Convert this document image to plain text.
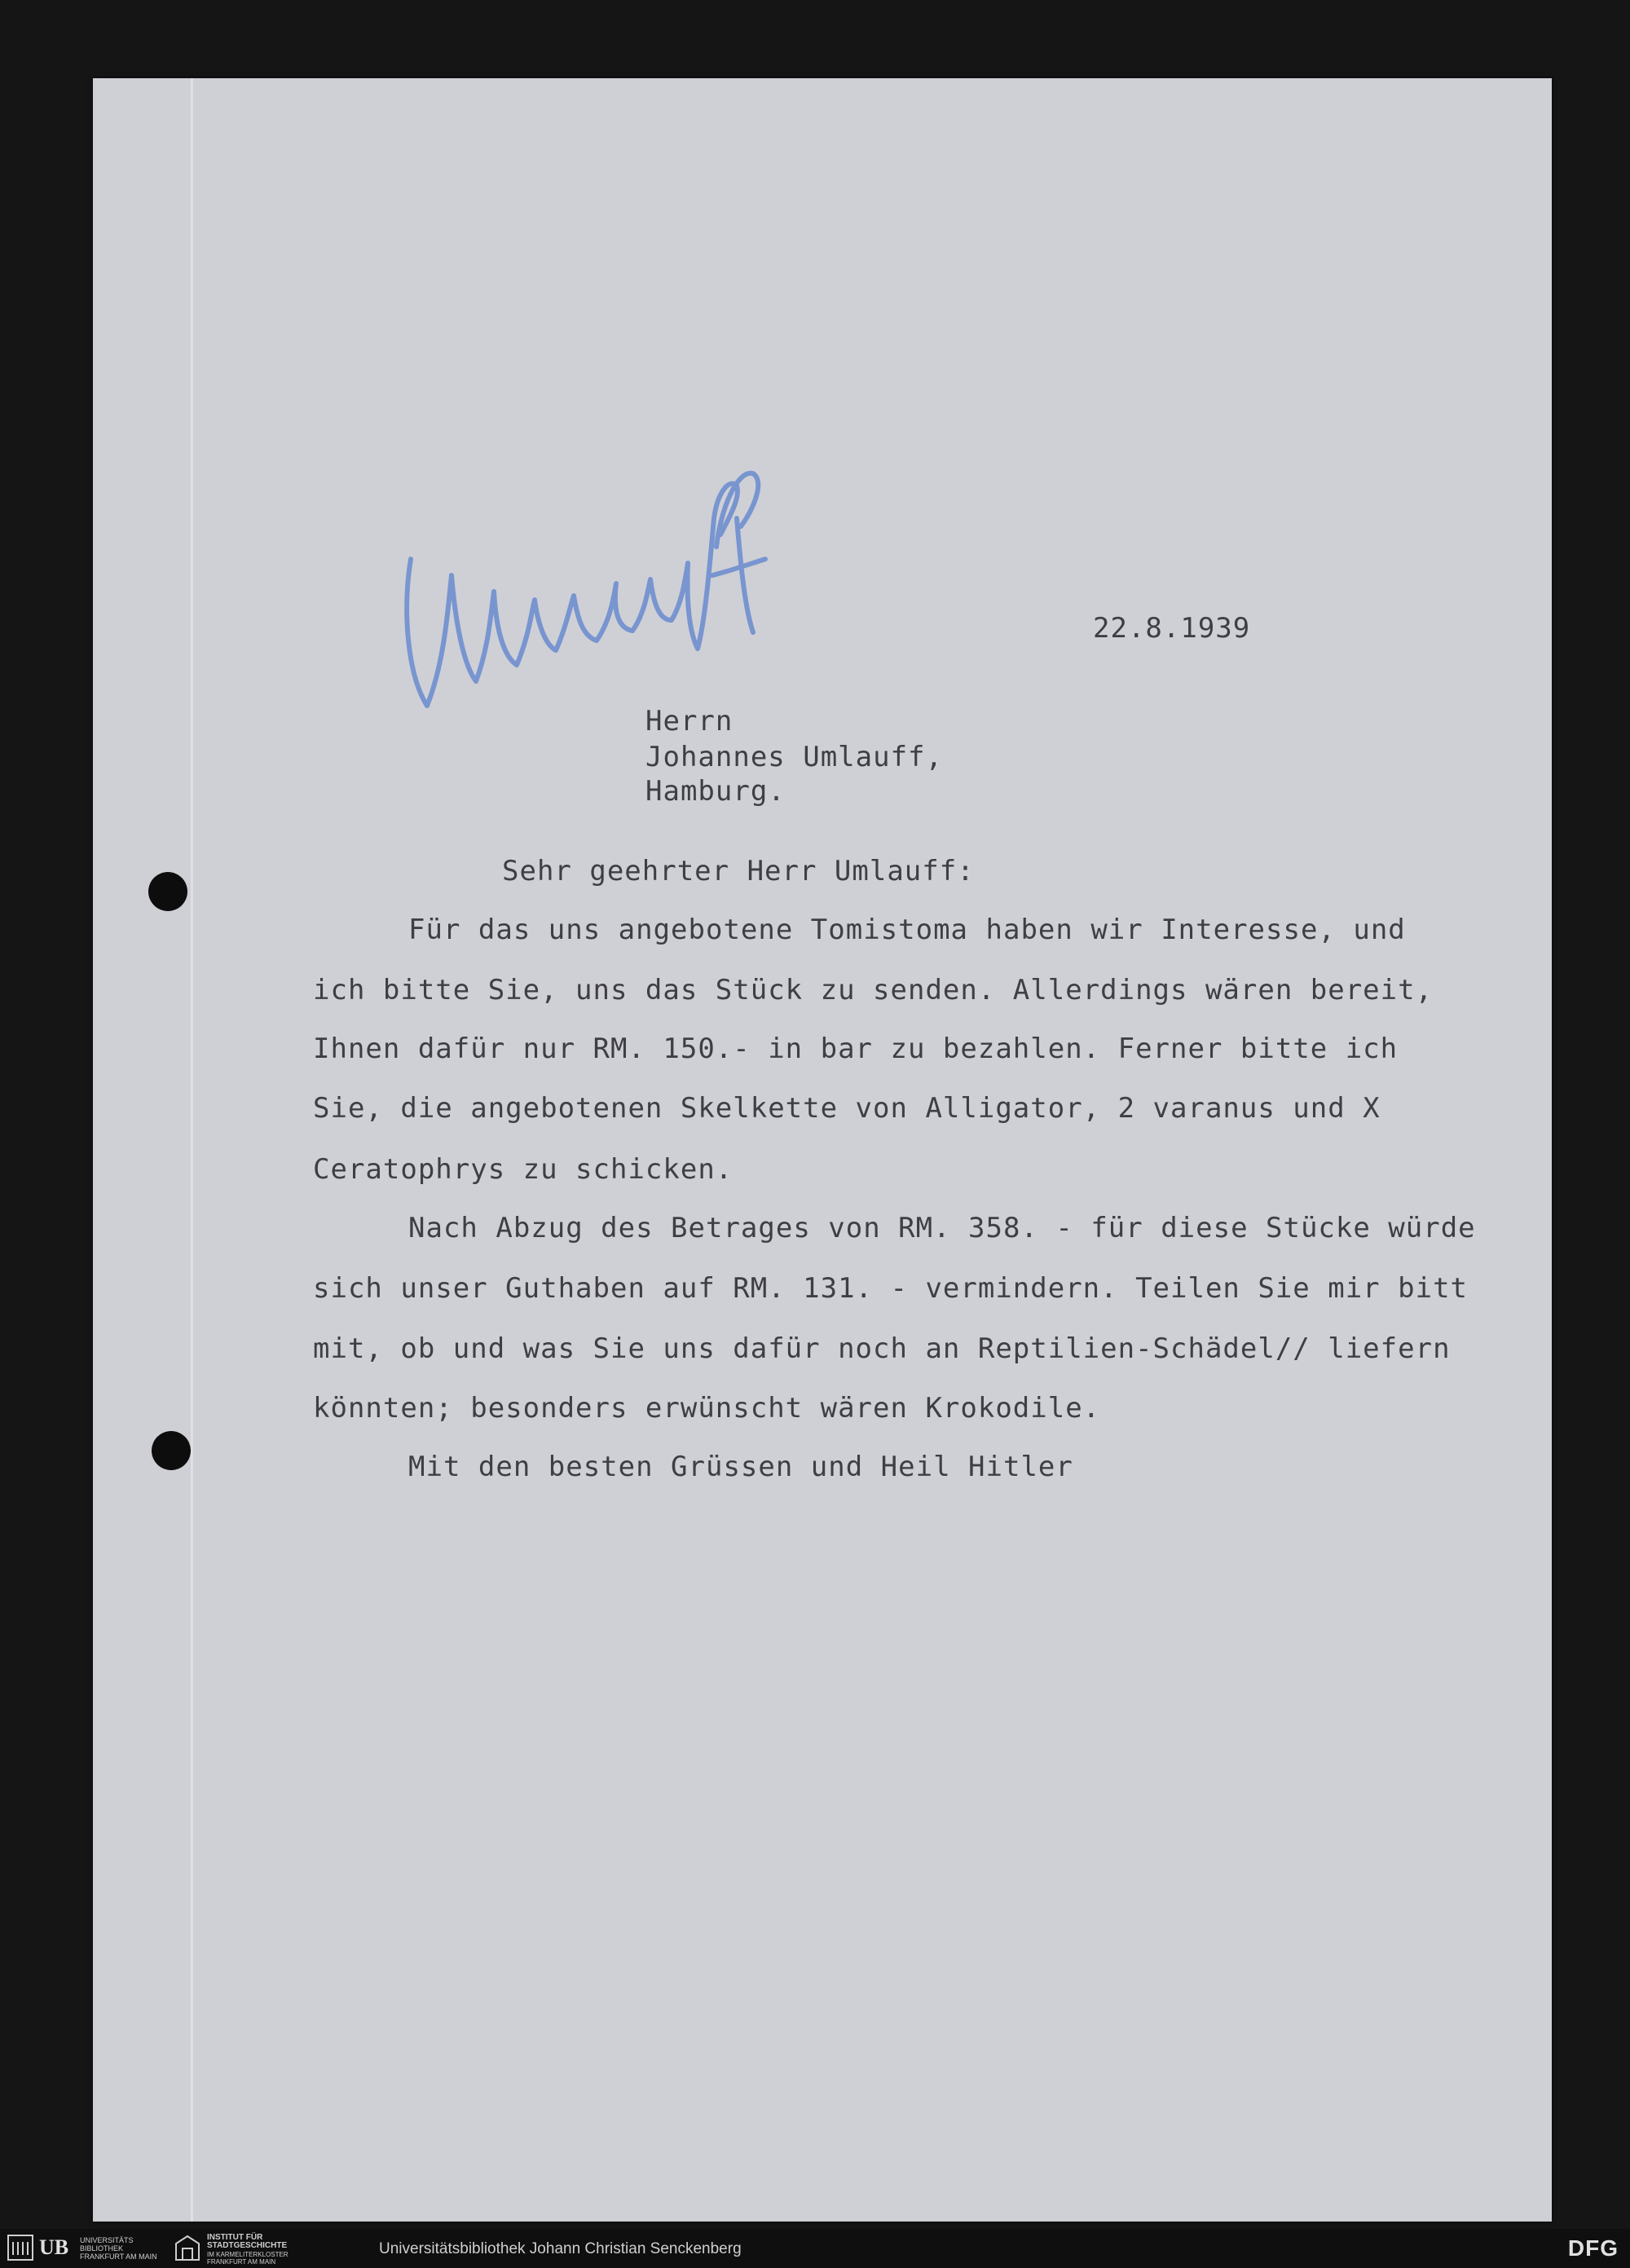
22.8.1939
Herrn
Johannes Umlauff,
Hamburg.
Sehr geehrter Herr Umlauff:
Für das uns angebotene Tomistoma haben wir Interesse, und
ich bitte Sie, uns das Stück zu senden. Allerdings wären bereit,
Ihnen dafür nur RM. 150.- in bar zu bezahlen. Ferner bitte ich
Sie, die angebotenen Skelkette von Alligator, 2 varanus und X
Ceratophrys zu schicken.
Nach Abzug des Betrages von RM. 358. - für diese Stücke würde
sich unser Guthaben auf RM. 131. - vermindern. Teilen Sie mir bitt
mit, ob und was Sie uns dafür noch an Reptilien-Schädel// liefern
könnten; besonders erwünscht wären Krokodile.
Mit den besten Grüssen und Heil Hitler
UB UNIVERSITÄTS
BIBLIOTHEK
FRANKFURT AM MAIN
INSTITUT FÜR
STADTGESCHICHTE
IM KARMELITERKLOSTER
FRANKFURT AM MAIN
Universitätsbibliothek Johann Christian Senckenberg	DFG
